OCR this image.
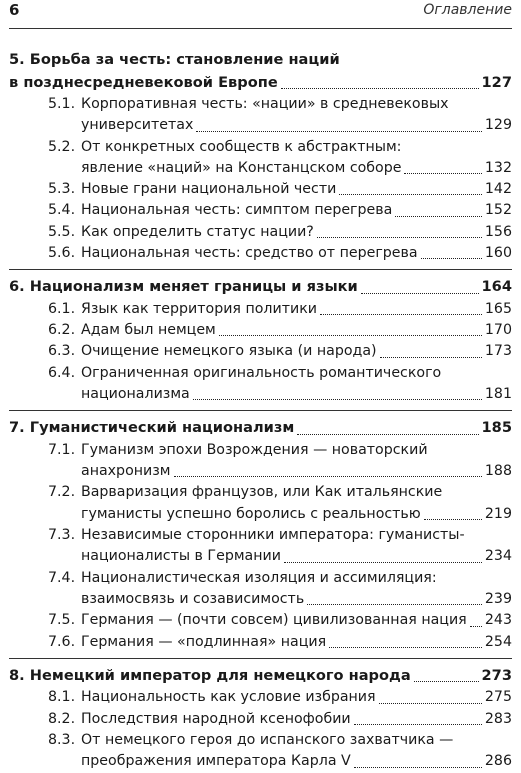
6	Оглавление
5. Борьба за честь: становление наций
в позднесредневековой Европе	127
5.1. Корпоративная честь: «нации» в средневековых
университетах	129
5.2. От конкретных сообществ к абстрактным:
явление «наций» на Констанцском соборе	132
5.3. Новые грани национальной чести	142
5.4. Национальная честь: симптом перегрева	152
5.5. Как определить статус нации?	156
5.6. Национальная честь: средство от перегрева	160
6. Национализм меняет границы и языки	164
6.1. Язык как территория политики	165
6.2. Адам был немцем	170
6.3. Очищение немецкого языка (и народа)	173
6.4. Ограниченная оригинальность романтического
национализма	181
7. Гуманистический национализм	185
7.1. Гуманизм эпохи Возрождения — новаторский
анахронизм	188
7.2. Варваризация французов, или Как итальянские
гуманисты успешно боролись с реальностью	219
7.3. Независимые сторонники императора: гуманисты-
националисты в Германии	234
7.4. Националистическая изоляция и ассимиляция:
взаимосвязь и созависимость	239
7.5. Германия — (почти совсем) цивилизованная нация 243
7.6. Германия — «подлинная» нация	254
8. Немецкий император для немецкого народа	273
8.1. Национальность как условие избрания	275
8.2. Последствия народной ксенофобии	283
8.3. От немецкого героя до испанского захватчика —
преображения императора Карла V	286
